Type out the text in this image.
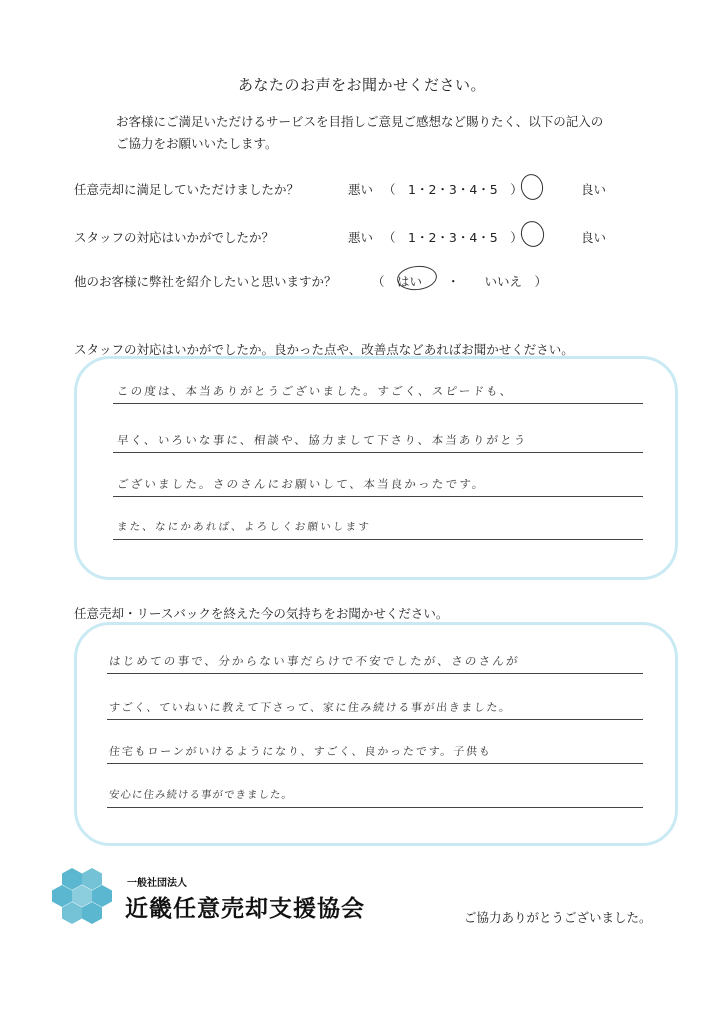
あなたのお声をお聞かせください。
お客様にご満足いただけるサービスを目指しご意見ご感想など賜りたく、以下の記入の
ご協力をお願いいたします。
任意売却に満足していただけましたか？	悪い （　1・2・3・4・5　）	良い
スタッフの対応はいかがでしたか？	悪い （　1・2・3・4・5　）	良い
他のお客様に弊社を紹介したいと思いますか？	（　はい　　・　　いいえ　）
スタッフの対応はいかがでしたか。良かった点や、改善点などあればお聞かせください。
この度は、本当ありがとうございました。すごく、スピードも、
早く、いろいな事に、相談や、協力まして下さり、本当ありがとう
ございました。さのさんにお願いして、本当良かったです。
また、なにかあれば、よろしくお願いします
任意売却・リースバックを終えた今の気持ちをお聞かせください。
はじめての事で、分からない事だらけで不安でしたが、さのさんが
すごく、ていねいに教えて下さって、家に住み続ける事が出きました。
住宅もローンがいけるようになり、すごく、良かったです。子供も
安心に住み続ける事ができました。
一般社団法人
近畿任意売却支援協会	ご協力ありがとうございました。
